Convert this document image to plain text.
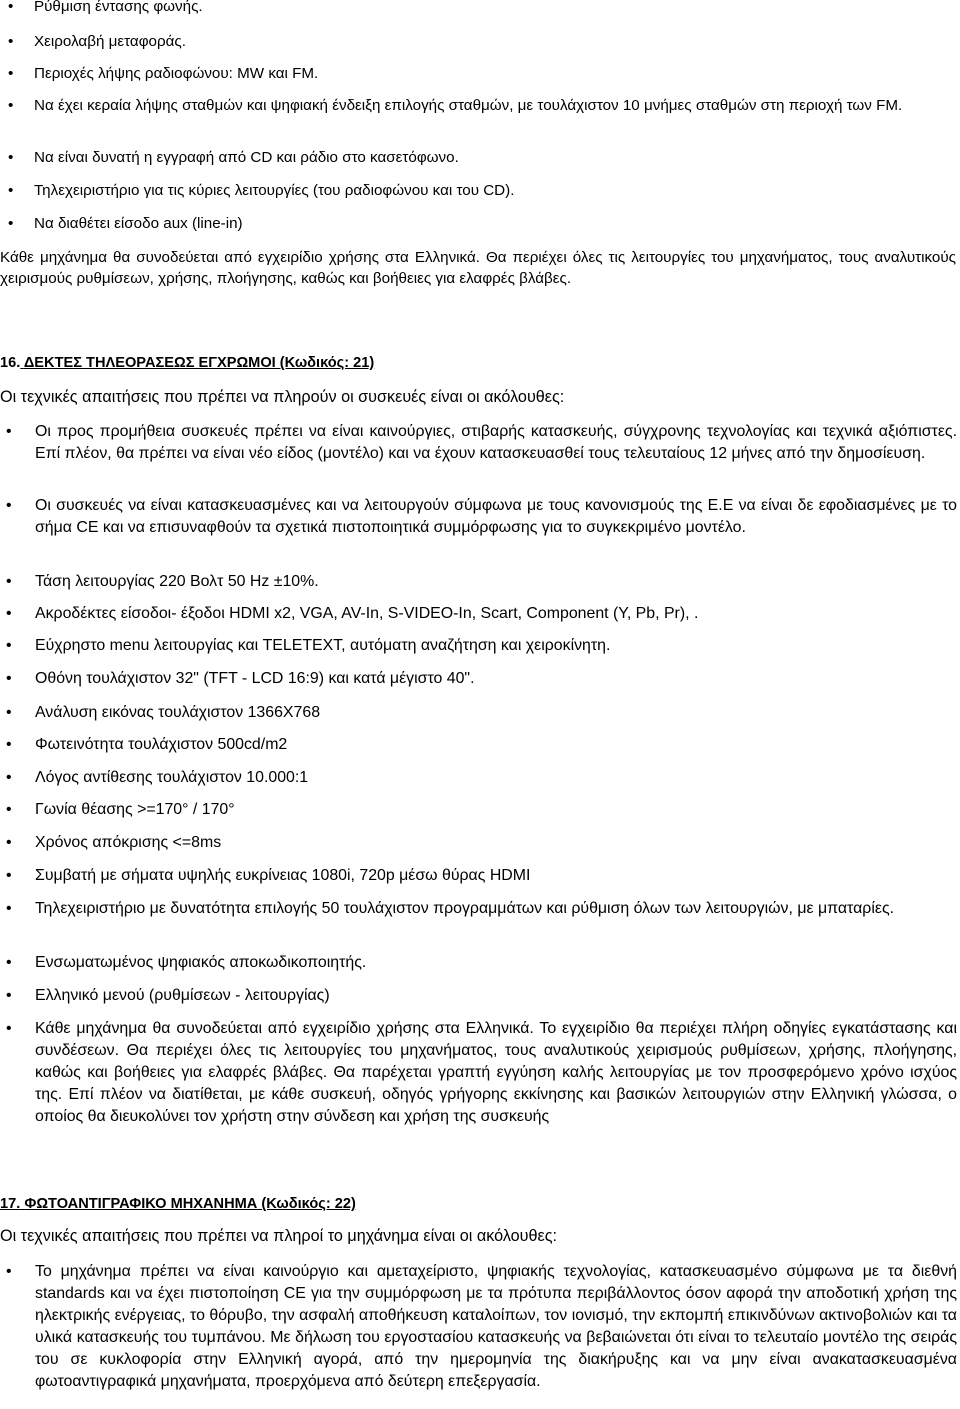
• Ρύθμιση έντασης φωνής.
• Χειρολαβή μεταφοράς.
• Περιοχές λήψης ραδιοφώνου: MW και FM.
• Να έχει κεραία λήψης σταθμών και ψηφιακή ένδειξη επιλογής σταθμών, με τουλάχιστον 10 μνήμες σταθμών στη περιοχή των FM.
• Να είναι δυνατή η εγγραφή από CD και ράδιο στο κασετόφωνο.
• Τηλεχειριστήριο για τις κύριες λειτουργίες (του ραδιοφώνου και του CD).
• Να διαθέτει είσοδο aux (line-in)

Κάθε μηχάνημα θα συνοδεύεται από εγχειρίδιο χρήσης στα Ελληνικά. Θα περιέχει όλες τις λειτουργίες του μηχανήματος, τους αναλυτικούς χειρισμούς ρυθμίσεων, χρήσης, πλοήγησης, καθώς και βοήθειες για ελαφρές βλάβες.

16. ΔΕΚΤΕΣ ΤΗΛΕΟΡΑΣΕΩΣ ΕΓΧΡΩΜΟΙ (Κωδικός: 21)

Οι τεχνικές απαιτήσεις που πρέπει να πληρούν οι συσκευές είναι οι ακόλουθες:

• Οι προς προμήθεια συσκευές πρέπει να είναι καινούργιες, στιβαρής κατασκευής, σύγχρονης τεχνολογίας και τεχνικά αξιόπιστες. Επί πλέον, θα πρέπει να είναι νέο είδος (μοντέλο) και να έχουν κατασκευασθεί τους τελευταίους 12 μήνες από την δημοσίευση.
• Οι συσκευές να είναι κατασκευασμένες και να λειτουργούν σύμφωνα με τους κανονισμούς της Ε.Ε να είναι δε εφοδιασμένες με το σήμα CE και να επισυναφθούν τα σχετικά πιστοποιητικά συμμόρφωσης για το συγκεκριμένο μοντέλο.
• Τάση λειτουργίας 220 Βολτ 50 Hz ±10%.
• Ακροδέκτες είσοδοι- έξοδοι HDMI x2, VGA, AV-In, S-VIDEO-In, Scart, Component (Y, Pb, Pr), .
• Εύχρηστο menu λειτουργίας και TELETEXT, αυτόματη αναζήτηση και χειροκίνητη.
• Οθόνη τουλάχιστον 32" (TFT - LCD 16:9) και κατά μέγιστο 40".
• Ανάλυση εικόνας τουλάχιστον 1366X768
• Φωτεινότητα τουλάχιστον 500cd/m2
• Λόγος αντίθεσης τουλάχιστον 10.000:1
• Γωνία θέασης >=170° / 170°
• Χρόνος απόκρισης <=8ms
• Συμβατή με σήματα υψηλής ευκρίνειας 1080i, 720p μέσω θύρας HDMI
• Τηλεχειριστήριο με δυνατότητα επιλογής 50 τουλάχιστον προγραμμάτων και ρύθμιση όλων των λειτουργιών, με μπαταρίες.
• Ενσωματωμένος ψηφιακός αποκωδικοποιητής.
• Ελληνικό μενού (ρυθμίσεων - λειτουργίας)
• Κάθε μηχάνημα θα συνοδεύεται από εγχειρίδιο χρήσης στα Ελληνικά. Το εγχειρίδιο θα περιέχει πλήρη οδηγίες εγκατάστασης και συνδέσεων. Θα περιέχει όλες τις λειτουργίες του μηχανήματος, τους αναλυτικούς χειρισμούς ρυθμίσεων, χρήσης, πλοήγησης, καθώς και βοήθειες για ελαφρές βλάβες. Θα παρέχεται γραπτή εγγύηση καλής λειτουργίας με τον προσφερόμενο χρόνο ισχύος της. Επί πλέον να διατίθεται, με κάθε συσκευή, οδηγός γρήγορης εκκίνησης και βασικών λειτουργιών στην Ελληνική γλώσσα, ο οποίος θα διευκολύνει τον χρήστη στην σύνδεση και χρήση της συσκευής
17. ΦΩΤΟΑΝΤΙΓΡΑΦΙΚΟ ΜΗΧΑΝΗΜΑ (Κωδικός: 22)

Οι τεχνικές απαιτήσεις που πρέπει να πληροί το μηχάνημα είναι οι ακόλουθες:

• Το μηχάνημα πρέπει να είναι καινούργιο και αμεταχείριστο, ψηφιακής τεχνολογίας, κατασκευασμένο σύμφωνα με τα διεθνή standards και να έχει πιστοποίηση CE για την συμμόρφωση με τα πρότυπα περιβάλλοντος όσον αφορά την αποδοτική χρήση της ηλεκτρικής ενέργειας, το θόρυβο, την ασφαλή αποθήκευση καταλοίπων, τον ιονισμό, την εκπομπή επικινδύνων ακτινοβολιών και τα υλικά κατασκευής του τυμπάνου. Με δήλωση του εργοστασίου κατασκευής να βεβαιώνεται ότι είναι το τελευταίο μοντέλο της σειράς του σε κυκλοφορία στην Ελληνική αγορά, από την ημερομηνία της διακήρυξης και να μην είναι ανακατασκευασμένα φωτοαντιγραφικά μηχανήματα, προερχόμενα από δεύτερη επεξεργασία.
